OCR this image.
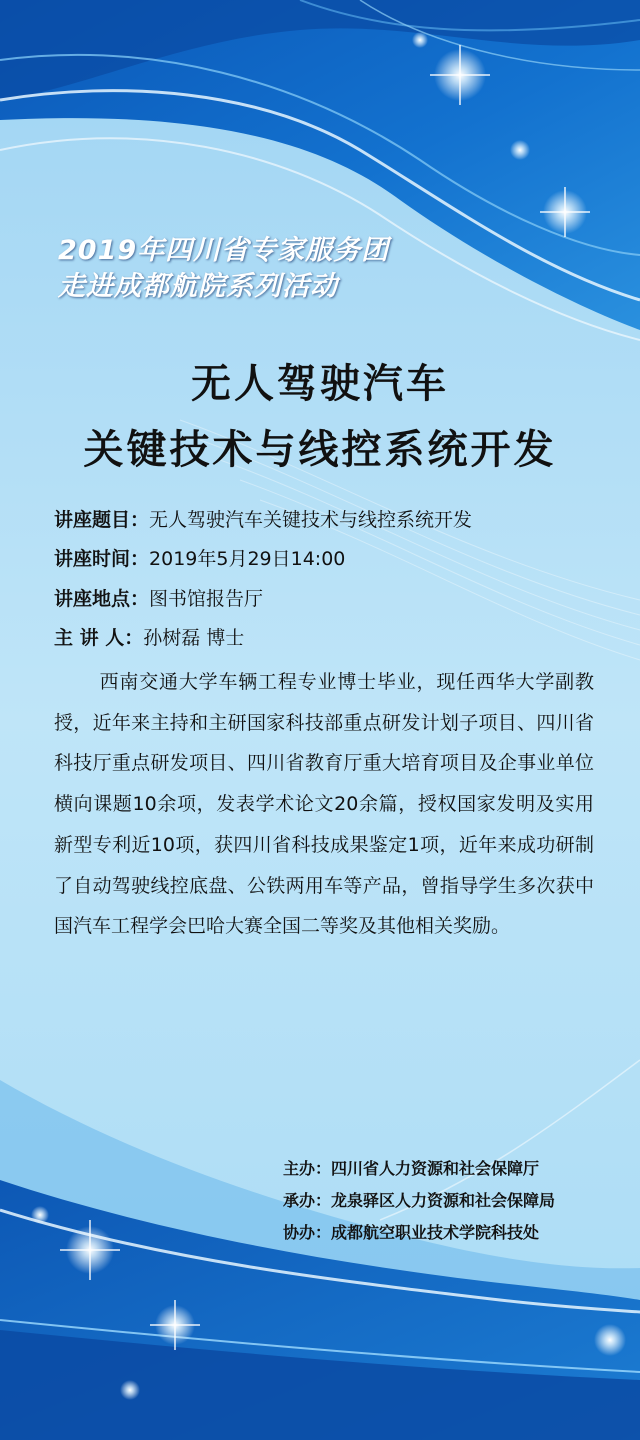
2019年四川省专家服务团
走进成都航院系列活动
无人驾驶汽车
关键技术与线控系统开发
讲座题目：无人驾驶汽车关键技术与线控系统开发
讲座时间：2019年5月29日14:00
讲座地点：图书馆报告厅
主 讲 人：孙树磊 博士

西南交通大学车辆工程专业博士毕业，现任西华大学副教授，近年来主持和主研国家科技部重点研发计划子项目、四川省科技厅重点研发项目、四川省教育厅重大培育项目及企事业单位横向课题10余项，发表学术论文20余篇，授权国家发明及实用新型专利近10项，获四川省科技成果鉴定1项，近年来成功研制了自动驾驶线控底盘、公铁两用车等产品，曾指导学生多次获中国汽车工程学会巴哈大赛全国二等奖及其他相关奖励。

主办：四川省人力资源和社会保障厅
承办：龙泉驿区人力资源和社会保障局
协办：成都航空职业技术学院科技处
